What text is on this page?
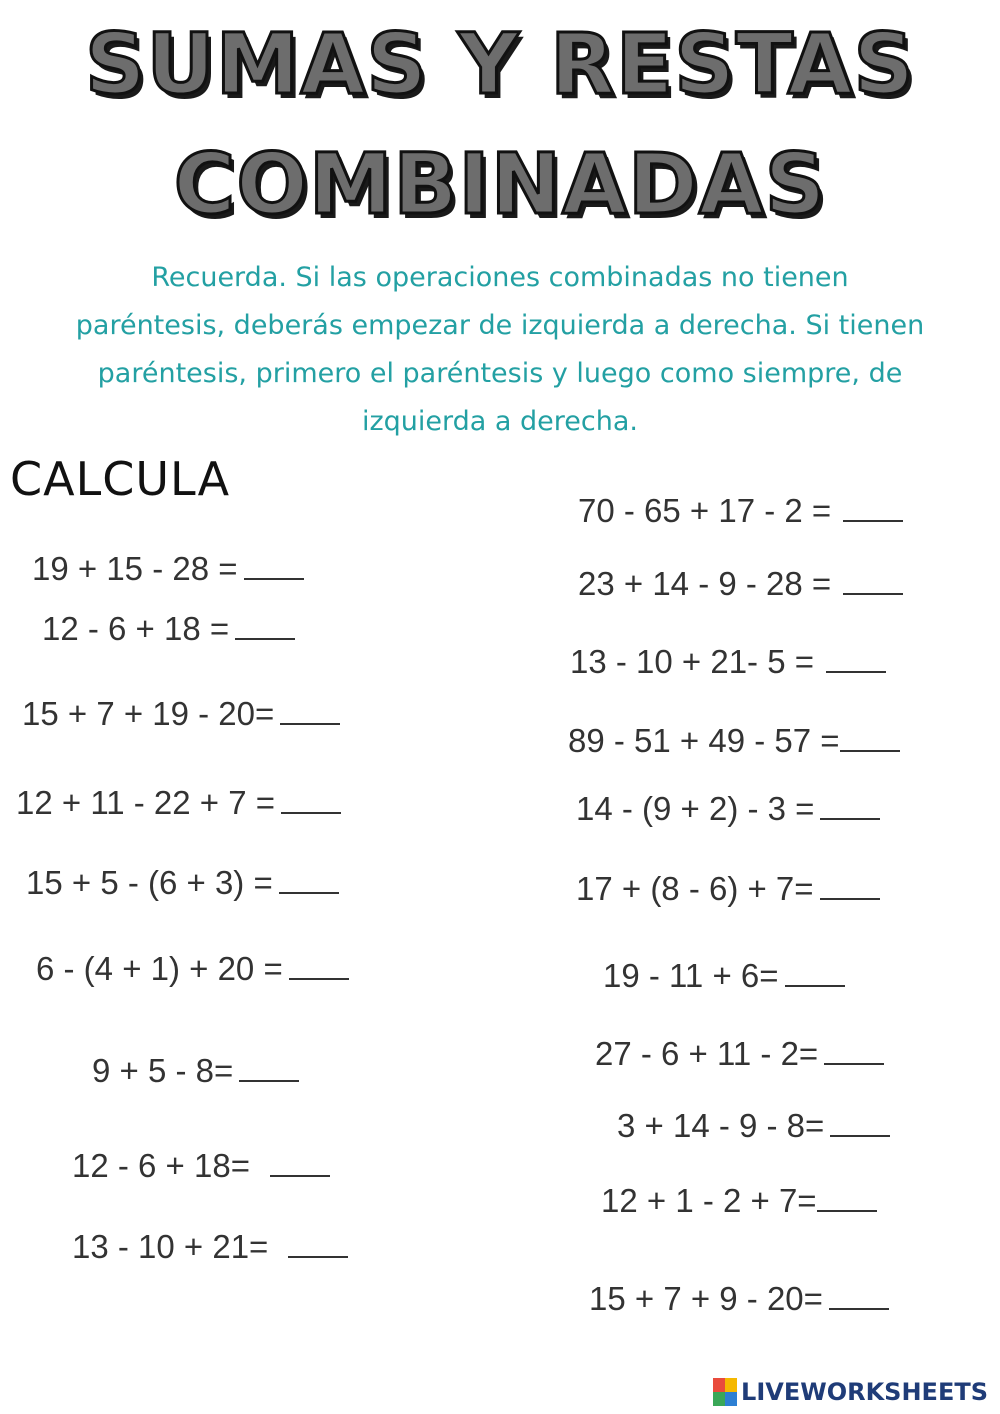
SUMAS Y RESTAS
COMBINADAS
Recuerda. Si las operaciones combinadas no tienen
paréntesis, deberás empezar de izquierda a derecha. Si tienen
paréntesis, primero el paréntesis y luego como siempre, de
izquierda a derecha.
CALCULA
19 + 15 - 28 =
12 - 6 + 18 =
15 + 7 + 19 - 20=
12 + 11 - 22 + 7 =
15 + 5 - (6 + 3) =
6 - (4 + 1) + 20 =
9 + 5 - 8=
12 - 6 + 18=
13 - 10 + 21=
70 - 65 + 17 - 2 =
23 + 14 - 9 - 28 =
13 - 10 + 21- 5 =
89 - 51 + 49 - 57 =
14 - (9 + 2) - 3 =
17 + (8 - 6) + 7=
19 - 11 + 6=
27 - 6 + 11 - 2=
3 + 14 - 9 - 8=
12 + 1 - 2 + 7=
15 + 7 + 9 - 20=
LIVEWORKSHEETS
